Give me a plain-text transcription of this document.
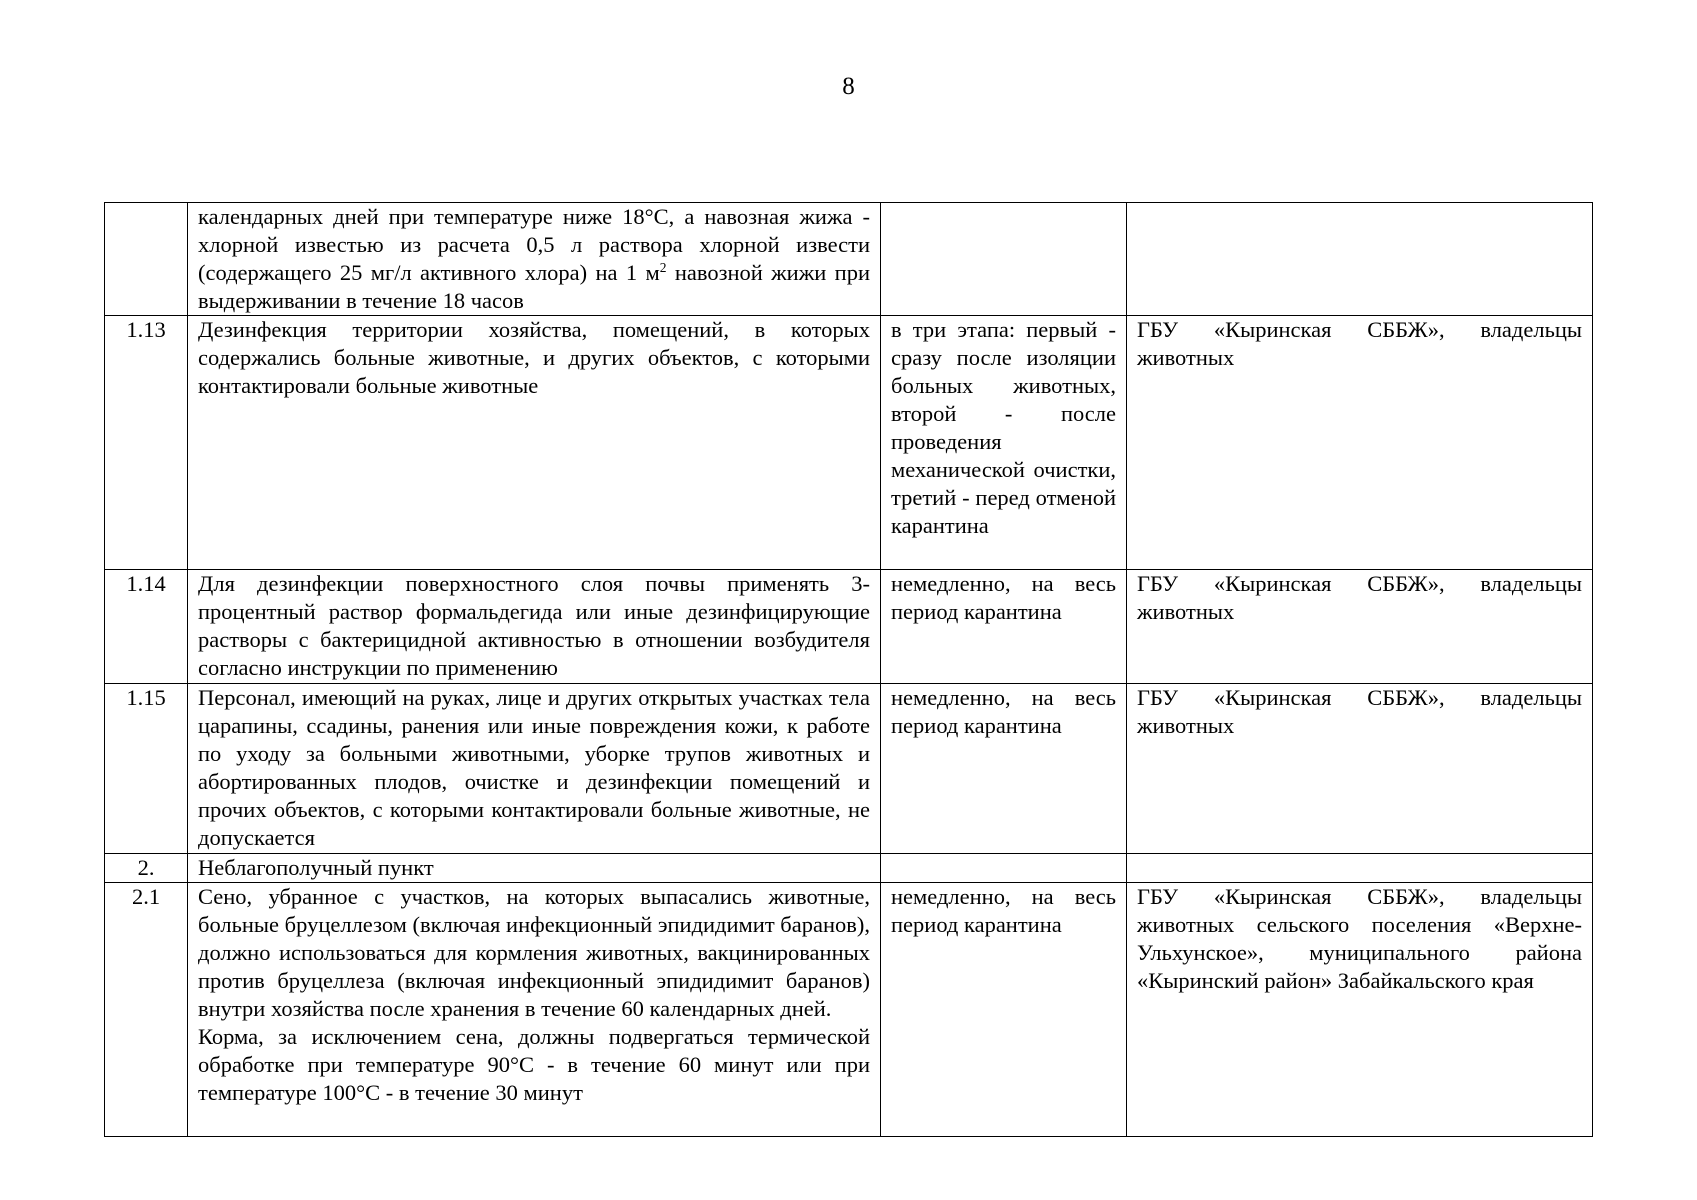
8
	календарных дней при температуре ниже 18°С, а навозная жижа - хлорной известью из расчета 0,5 л раствора хлорной извести (содержащего 25 мг/л активного хлора) на 1 $м^2$ навозной жижи при выдерживании в течение 18 часов		
1.13	Дезинфекция территории хозяйства, помещений, в которых содержались больные животные, и других объектов, с которыми контактировали больные животные	в три этапа: первый - сразу после изоляции больных животных, второй - после проведения механической очистки, третий - перед отменой карантина	ГБУ «Кыринская СББЖ», владельцы животных
1.14	Для дезинфекции поверхностного слоя почвы применять 3-процентный раствор формальдегида или иные дезинфицирующие растворы с бактерицидной активностью в отношении возбудителя согласно инструкции по применению	немедленно, на весь период карантина	ГБУ «Кыринская СББЖ», владельцы животных
1.15	Персонал, имеющий на руках, лице и других открытых участках тела царапины, ссадины, ранения или иные повреждения кожи, к работе по уходу за больными животными, уборке трупов животных и абортированных плодов, очистке и дезинфекции помещений и прочих объектов, с которыми контактировали больные животные, не допускается	немедленно, на весь период карантина	ГБУ «Кыринская СББЖ», владельцы животных
2.	Неблагополучный пункт		
2.1	Сено, убранное с участков, на которых выпасались животные, больные бруцеллезом (включая инфекционный эпидидимит баранов), должно использоваться для кормления животных, вакцинированных против бруцеллеза (включая инфекционный эпидидимит баранов) внутри хозяйства после хранения в течение 60 календарных дней.
Корма, за исключением сена, должны подвергаться термической обработке при температуре 90°С - в течение 60 минут или при температуре 100°С - в течение 30 минут	немедленно, на весь период карантина	ГБУ «Кыринская СББЖ», владельцы животных сельского поселения «Верхне-Ульхунское», муниципального района «Кыринский район» Забайкальского края
